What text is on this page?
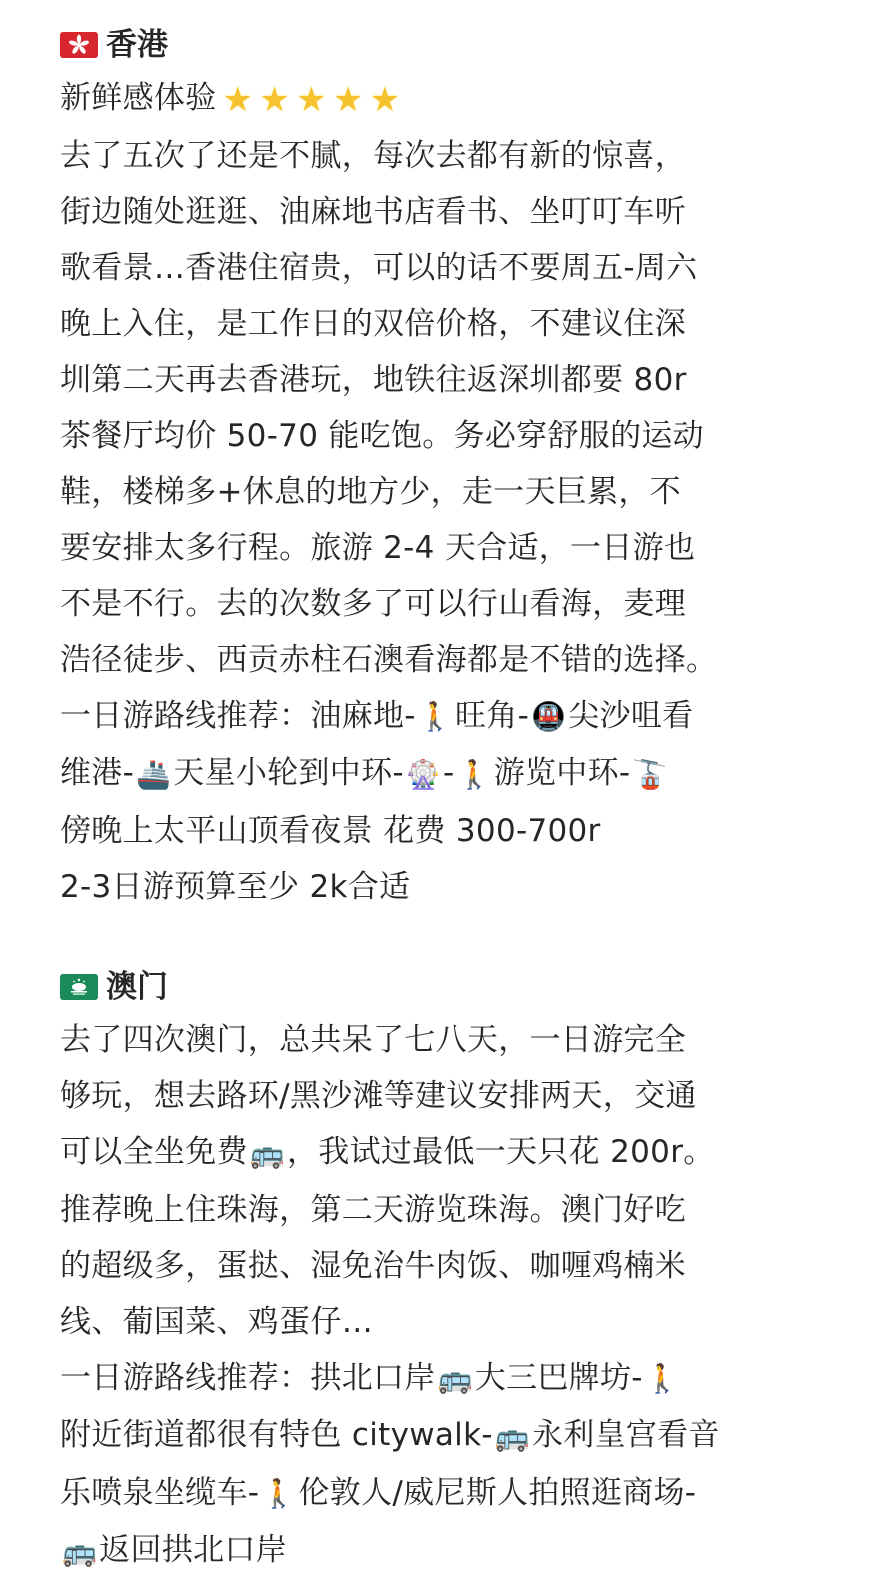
香港
新鲜感体验 ★ ★ ★ ★ ★
去了五次了还是不腻，每次去都有新的惊喜，
街边随处逛逛、油麻地书店看书、坐叮叮车听
歌看景…香港住宿贵，可以的话不要周五-周六
晚上入住，是工作日的双倍价格，不建议住深
圳第二天再去香港玩，地铁往返深圳都要 80r
茶餐厅均价 50-70 能吃饱。务必穿舒服的运动
鞋，楼梯多+休息的地方少，走一天巨累，不
要安排太多行程。旅游 2-4 天合适，一日游也
不是不行。去的次数多了可以行山看海，麦理
浩径徒步、西贡赤柱石澳看海都是不错的选择。
一日游路线推荐：油麻地-🚶旺角-🚇尖沙咀看
维港-🚢天星小轮到中环-🎡-🚶游览中环-🚡
傍晚上太平山顶看夜景 花费 300-700r
2-3日游预算至少 2k合适
澳门
去了四次澳门，总共呆了七八天，一日游完全
够玩，想去路环/黑沙滩等建议安排两天，交通
可以全坐免费🚌，我试过最低一天只花 200r。
推荐晚上住珠海，第二天游览珠海。澳门好吃
的超级多，蛋挞、湿免治牛肉饭、咖喱鸡楠米
线、葡国菜、鸡蛋仔…
一日游路线推荐：拱北口岸🚌大三巴牌坊-🚶
附近街道都很有特色 citywalk-🚌永利皇宫看音
乐喷泉坐缆车-🚶伦敦人/威尼斯人拍照逛商场-
🚌返回拱北口岸
